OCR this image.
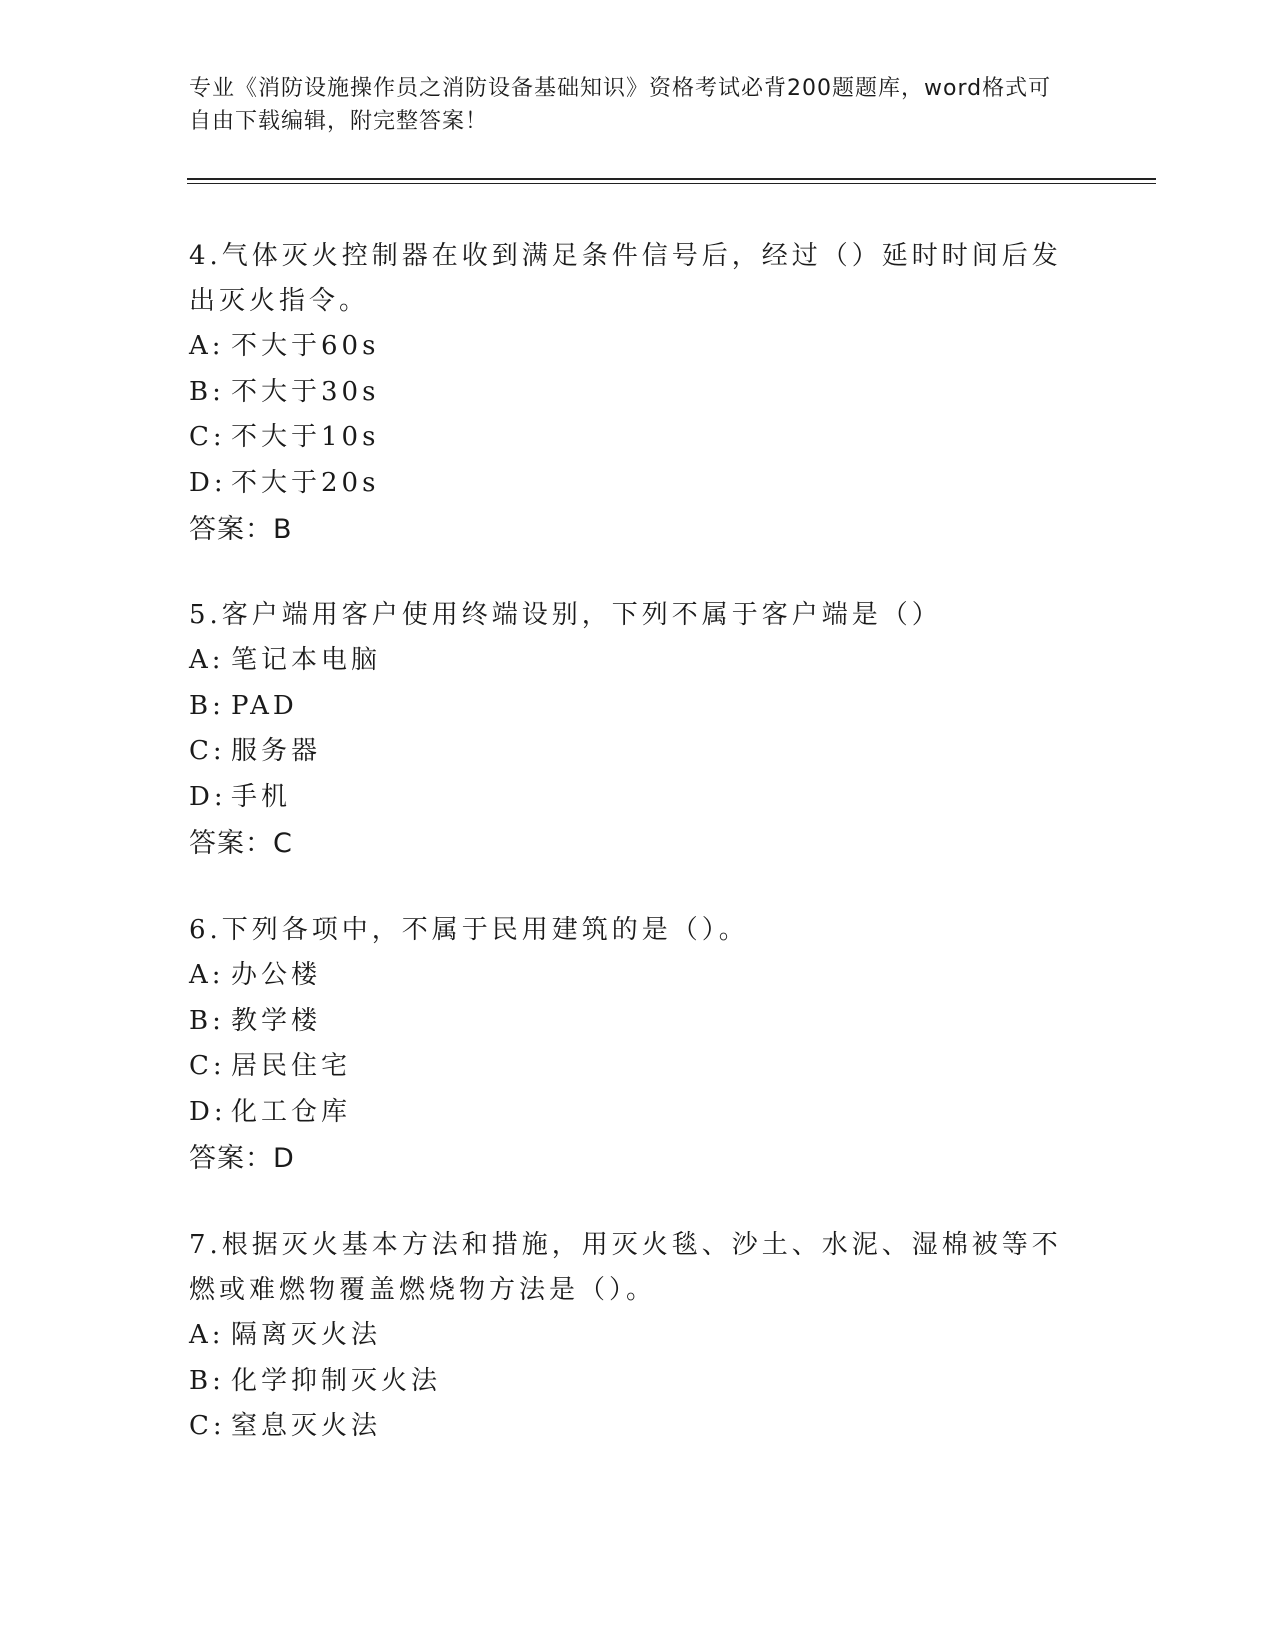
专业《消防设施操作员之消防设备基础知识》资格考试必背200题题库，word格式可自由下载编辑，附完整答案！
4.气体灭火控制器在收到满足条件信号后，经过（）延时时间后发出灭火指令。
A: 不大于60s
B: 不大于30s
C: 不大于10s
D: 不大于20s
答案：B
5.客户端用客户使用终端设别，下列不属于客户端是（）
A: 笔记本电脑
B: PAD
C: 服务器
D: 手机
答案：C
6.下列各项中，不属于民用建筑的是（）。
A: 办公楼
B: 教学楼
C: 居民住宅
D: 化工仓库
答案：D
7.根据灭火基本方法和措施，用灭火毯、沙土、水泥、湿棉被等不燃或难燃物覆盖燃烧物方法是（）。
A: 隔离灭火法
B: 化学抑制灭火法
C: 窒息灭火法
